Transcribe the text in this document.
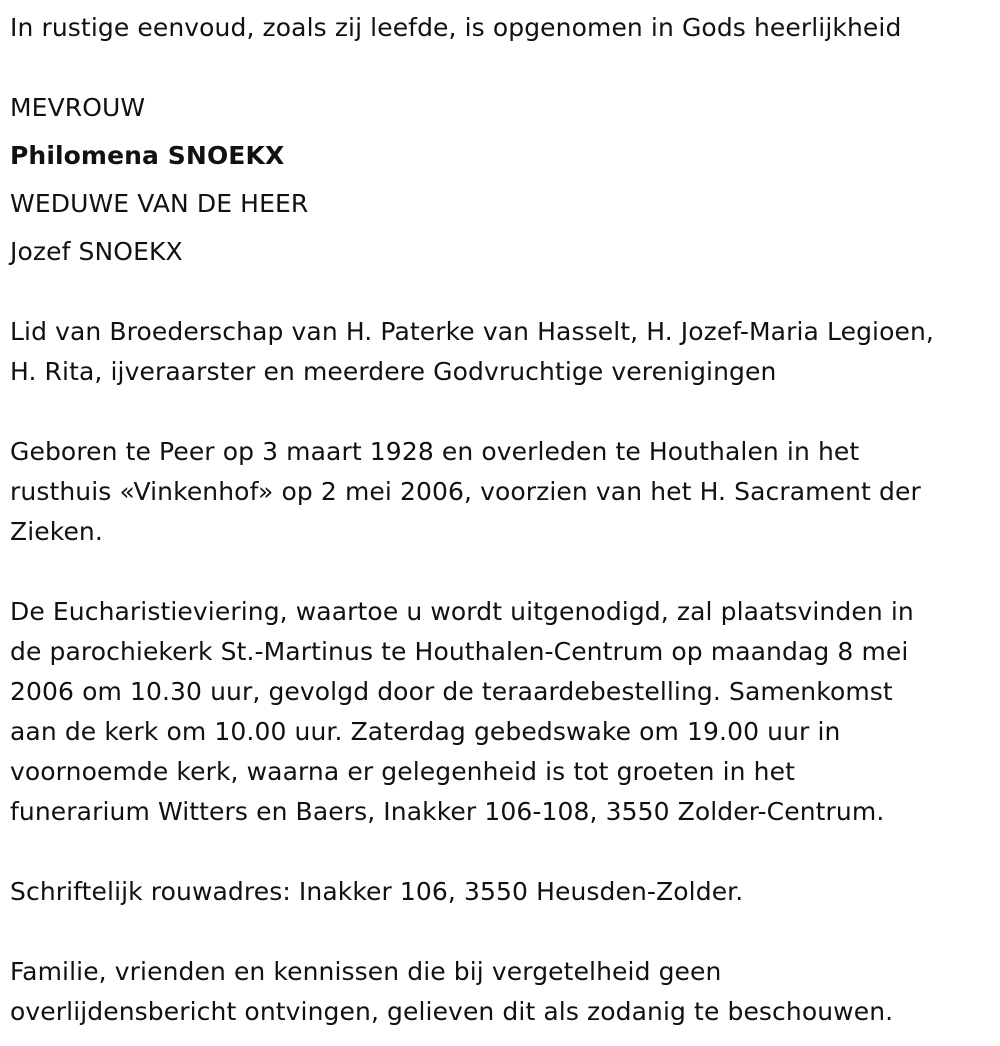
In rustige eenvoud, zoals zij leefde, is opgenomen in Gods heerlijkheid
MEVROUW
Philomena SNOEKX
WEDUWE VAN DE HEER
Jozef SNOEKX
Lid van Broederschap van H. Paterke van Hasselt, H. Jozef-Maria Legioen,
H. Rita, ijveraarster en meerdere Godvruchtige verenigingen
Geboren te Peer op 3 maart 1928 en overleden te Houthalen in het
rusthuis «Vinkenhof» op 2 mei 2006, voorzien van het H. Sacrament der
Zieken.
De Eucharistieviering, waartoe u wordt uitgenodigd, zal plaatsvinden in
de parochiekerk St.-Martinus te Houthalen-Centrum op maandag 8 mei
2006 om 10.30 uur, gevolgd door de teraardebestelling. Samenkomst
aan de kerk om 10.00 uur. Zaterdag gebedswake om 19.00 uur in
voornoemde kerk, waarna er gelegenheid is tot groeten in het
funerarium Witters en Baers, Inakker 106-108, 3550 Zolder-Centrum.
Schriftelijk rouwadres: Inakker 106, 3550 Heusden-Zolder.
Familie, vrienden en kennissen die bij vergetelheid geen
overlijdensbericht ontvingen, gelieven dit als zodanig te beschouwen.
